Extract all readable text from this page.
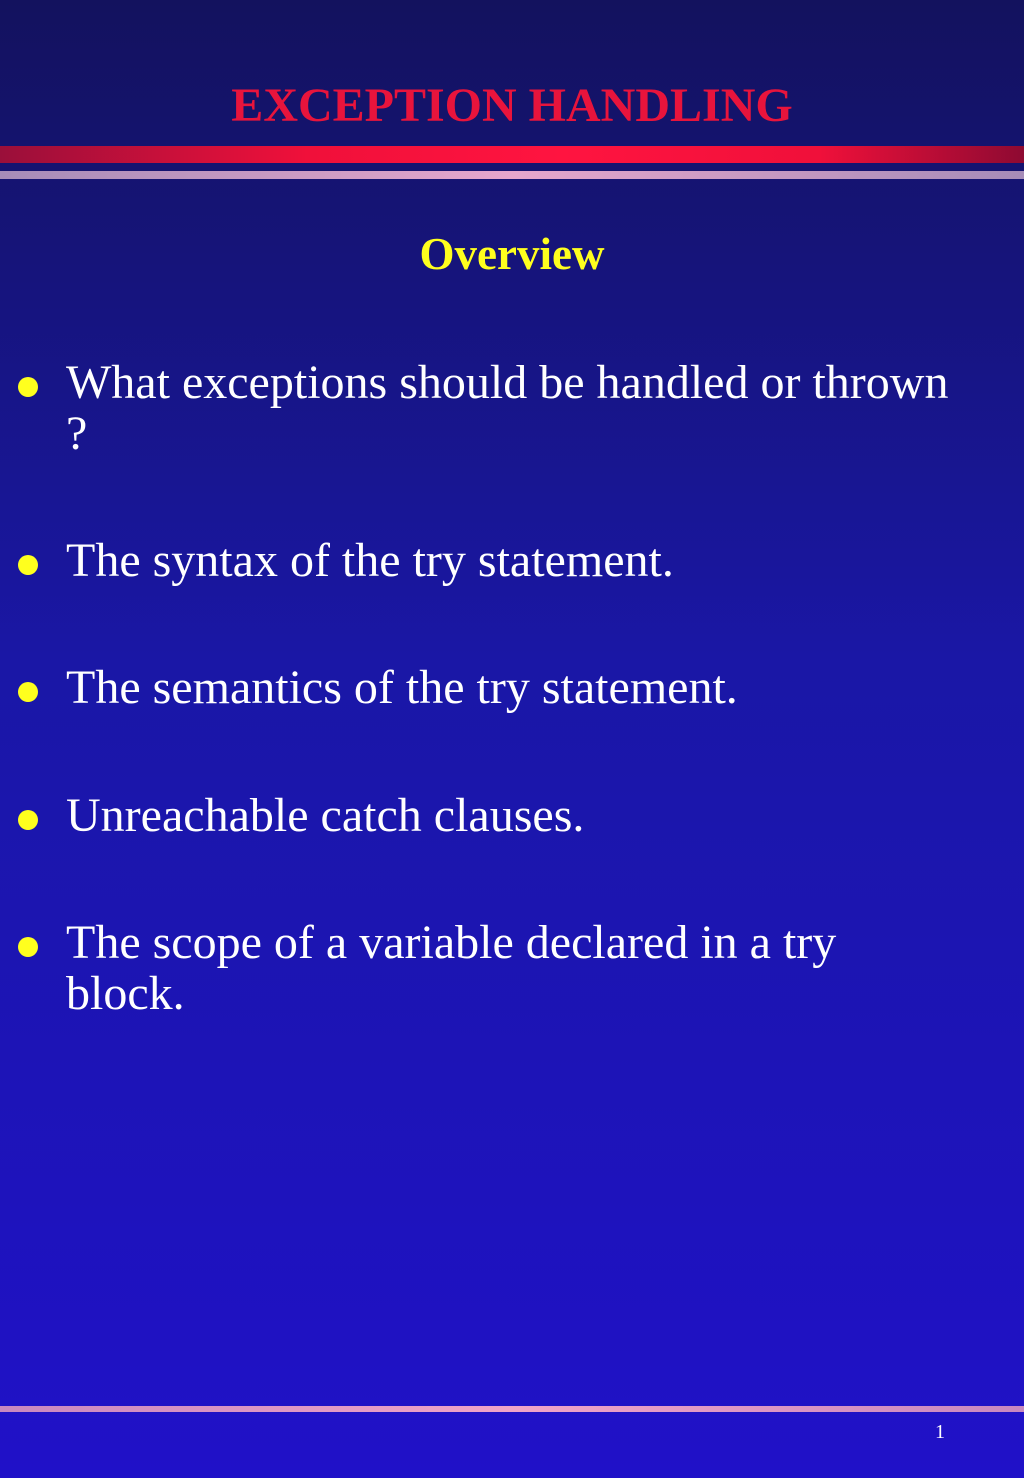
EXCEPTION HANDLING
Overview
What exceptions should be handled or thrown ?
The syntax of the try statement.
The semantics of the try statement.
Unreachable catch clauses.
The scope of a variable declared in a try block.
1
